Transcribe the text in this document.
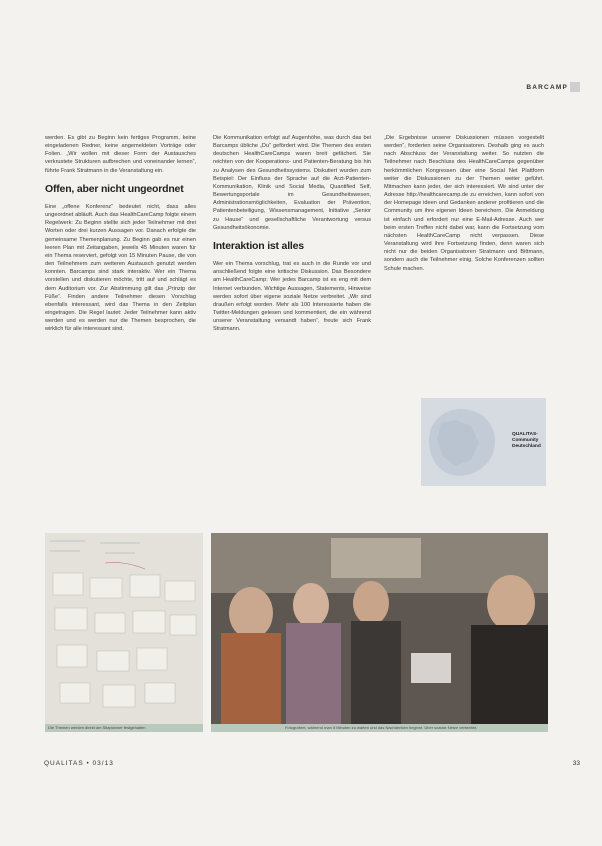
BARCAMP

werden. Es gibt zu Beginn kein fertiges Programm, keine eingeladenen Redner, keine angemeldeten Vorträge oder Folien. „Wir wollen mit dieser Form der Austausches verkrustete Strukturen aufbrechen und voneinander lernen“, führte Frank Stratmann in die Veranstaltung ein.

Offen, aber nicht ungeordnet

Eine „offene Konferenz“ bedeutet nicht, dass alles ungeordnet abläuft. Auch das HealthCareCamp folgte einem Regelwerk: Zu Beginn stellte sich jeder Teilnehmer mit drei Worten oder drei kurzen Aussagen vor. Danach erfolgte die gemeinsame Themenplanung. Zu Beginn gab es nur einen leeren Plan mit Zeitangaben, jeweils 45 Minuten waren für ein Thema reserviert, gefolgt von 15 Minuten Pause, die von den Teilnehmern zum weiteren Austausch genutzt werden konnten. Barcamps sind stark interaktiv. Wer ein Thema vorstellen und diskutieren möchte, tritt auf und schlägt es dem Auditorium vor. Zur Abstimmung gilt das „Prinzip der Füße“. Finden andere Teilnehmer diesen Vorschlag ebenfalls interessant, wird das Thema in den Zeitplan eingetragen. Die Regel lautet: Jeder Teilnehmer kann aktiv werden und es werden nur die Themen besprochen, die wirklich für alle interessant sind.

Die Kommunikation erfolgt auf Augenhöhe, was durch das bei Barcamps übliche „Du“ gefördert wird. Die Themen des ersten deutschen HealthCareCamps waren breit gefächert. Sie reichten von der Kooperations- und Patienten-Beratung bis hin zu Analysen des Gesundheitssystems. Diskutiert wurden zum Beispiel: Der Einfluss der Sprache auf die Arzt-Patienten-Kommunikation, Klinik und Social Media, Quantified Self, Bewertungsportale im Gesundheitswesen, Administrationsmöglichkeiten, Evaluation der Prävention, Patientenbeteiligung, Wissensmanagement, Initiative „Senior zu Hause“ und gesellschaftliche Verantwortung versus Gesundheitsökonomie.

Interaktion ist alles

Wer ein Thema vorschlug, trat es auch in die Runde vor und anschließend folgte eine kritische Diskussion. Das Besondere am HealthCareCamp: Wer jedes Barcamp ist es eng mit dem Internet verbunden. Wichtige Aussagen, Statements, Hinweise werden sofort über eigene soziale Netze verbreitet. „Wir sind draußen erfolgt worden. Mehr als 100 Interessierte haben die Twitter-Meldungen gelesen und kommentiert, die ein während unserer Veranstaltung versandt haben“, freute sich Frank Stratmann.

„Die Ergebnisse unserer Diskussionen müssen vorgestellt werden“, forderten seine Organisatoren. Deshalb ging es auch nach Abschluss der Veranstaltung weiter. So nutzten die Teilnehmer nach Beschluss des HealthCareCamps gegenüber herkömmlichen Kongressen über eine Social Net Plattform weiter die Diskussionen zu der Themen weiter geführt. Mitmachen kann jeder, der sich interessiert. Wir sind unter der Adresse http://healthcarecamp.de zu erreichen, kann sofort von der Homepage ideen und Gedanken anderer profitieren und die Community um ihre eigenen Ideen bereichern. Die Anmeldung ist einfach und erfordert nur eine E-Mail-Adresse. Auch wer beim ersten Treffen nicht dabei war, kann die Fortsetzung vom nächsten HealthCareCamp nicht verpassen. Diese Veranstaltung wird ihre Fortsetzung finden, denn waren sich nicht nur die beiden Organisatoren Stratmann und Bittmann, sondern auch die Teilnehmer einig. Solche Konferenzen sollten Schule machen.

QUALITAS-Community Deutschland
Die Themen werden direkt am Sitzplanner festgehalten	Fotografiert, während man 5 Minuten zu warten und das Nachdenken beginnt. Über soziale Netze verbreitet.
QUALITAS • 03/13	33
